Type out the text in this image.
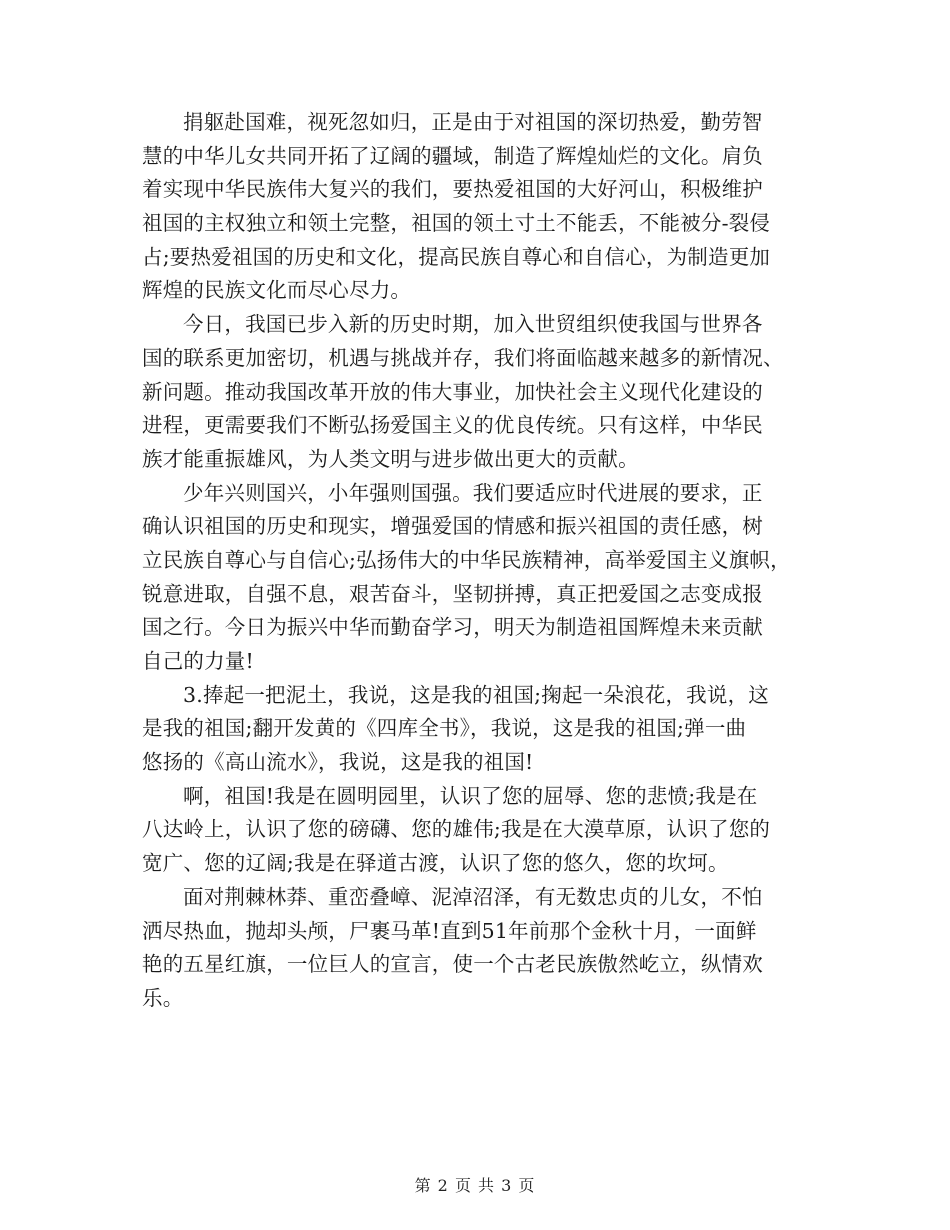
捐躯赴国难，视死忽如归，正是由于对祖国的深切热爱，勤劳智
慧的中华儿女共同开拓了辽阔的疆域，制造了辉煌灿烂的文化。肩负
着实现中华民族伟大复兴的我们，要热爱祖国的大好河山，积极维护
祖国的主权独立和领土完整，祖国的领土寸土不能丢，不能被分-裂侵
占;要热爱祖国的历史和文化，提高民族自尊心和自信心，为制造更加
辉煌的民族文化而尽心尽力。
今日，我国已步入新的历史时期，加入世贸组织使我国与世界各
国的联系更加密切，机遇与挑战并存，我们将面临越来越多的新情况、
新问题。推动我国改革开放的伟大事业，加快社会主义现代化建设的
进程，更需要我们不断弘扬爱国主义的优良传统。只有这样，中华民
族才能重振雄风，为人类文明与进步做出更大的贡献。
少年兴则国兴，小年强则国强。我们要适应时代进展的要求，正
确认识祖国的历史和现实，增强爱国的情感和振兴祖国的责任感，树
立民族自尊心与自信心;弘扬伟大的中华民族精神，高举爱国主义旗帜，
锐意进取，自强不息，艰苦奋斗，坚韧拼搏，真正把爱国之志变成报
国之行。今日为振兴中华而勤奋学习，明天为制造祖国辉煌未来贡献
自己的力量!
3.捧起一把泥土，我说，这是我的祖国;掬起一朵浪花，我说，这
是我的祖国;翻开发黄的《四库全书》，我说，这是我的祖国;弹一曲
悠扬的《高山流水》，我说，这是我的祖国!
啊，祖国!我是在圆明园里，认识了您的屈辱、您的悲愤;我是在
八达岭上，认识了您的磅礴、您的雄伟;我是在大漠草原，认识了您的
宽广、您的辽阔;我是在驿道古渡，认识了您的悠久，您的坎坷。
面对荆棘林莽、重峦叠嶂、泥淖沼泽，有无数忠贞的儿女，不怕
洒尽热血，抛却头颅，尸裹马革!直到51年前那个金秋十月，一面鲜
艳的五星红旗，一位巨人的宣言，使一个古老民族傲然屹立，纵情欢
乐。
第 2 页 共 3 页
